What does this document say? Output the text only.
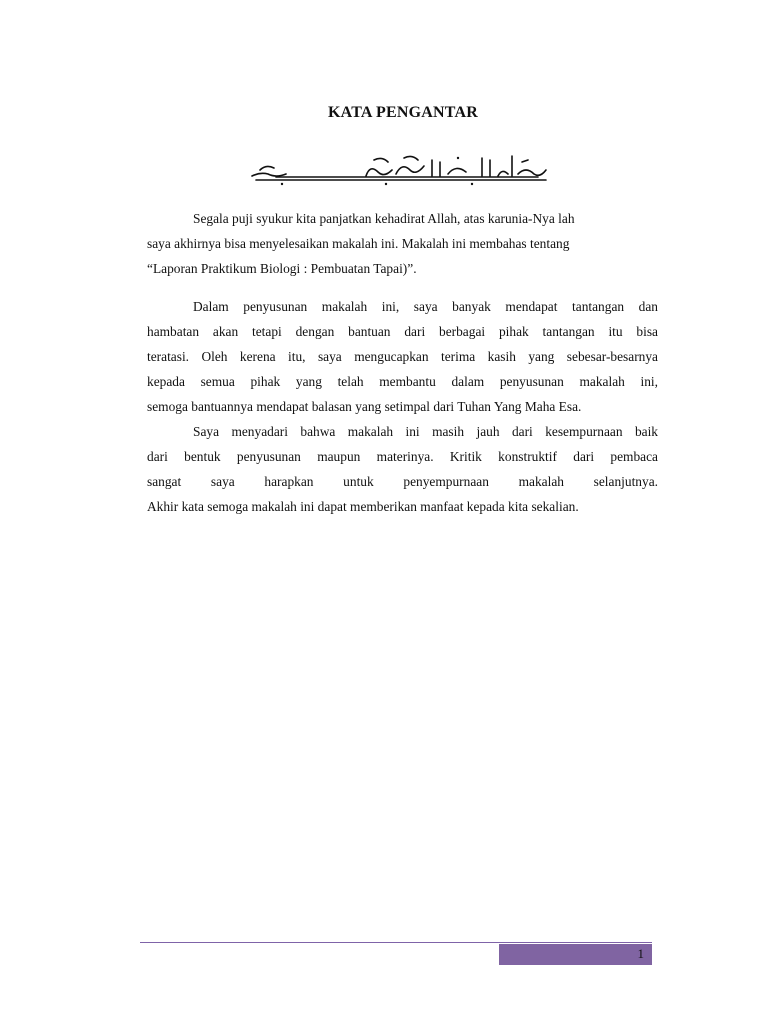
KATA PENGANTAR
Segala puji syukur kita panjatkan kehadirat Allah, atas karunia-Nya lah
saya akhirnya bisa menyelesaikan makalah ini. Makalah ini membahas tentang
“Laporan Praktikum Biologi : Pembuatan Tapai)”.
Dalam penyusunan makalah ini, saya banyak mendapat tantangan dan
hambatan akan tetapi dengan bantuan dari berbagai pihak tantangan itu bisa
teratasi. Oleh kerena itu, saya mengucapkan terima kasih yang sebesar-besarnya
kepada semua pihak yang telah membantu dalam penyusunan makalah ini,
semoga bantuannya mendapat balasan yang setimpal dari Tuhan Yang Maha Esa.
Saya menyadari bahwa makalah ini masih jauh dari kesempurnaan baik
dari bentuk penyusunan maupun materinya. Kritik konstruktif dari pembaca
sangat saya harapkan untuk penyempurnaan makalah selanjutnya.
Akhir kata semoga makalah ini dapat memberikan manfaat kepada kita sekalian.
1
